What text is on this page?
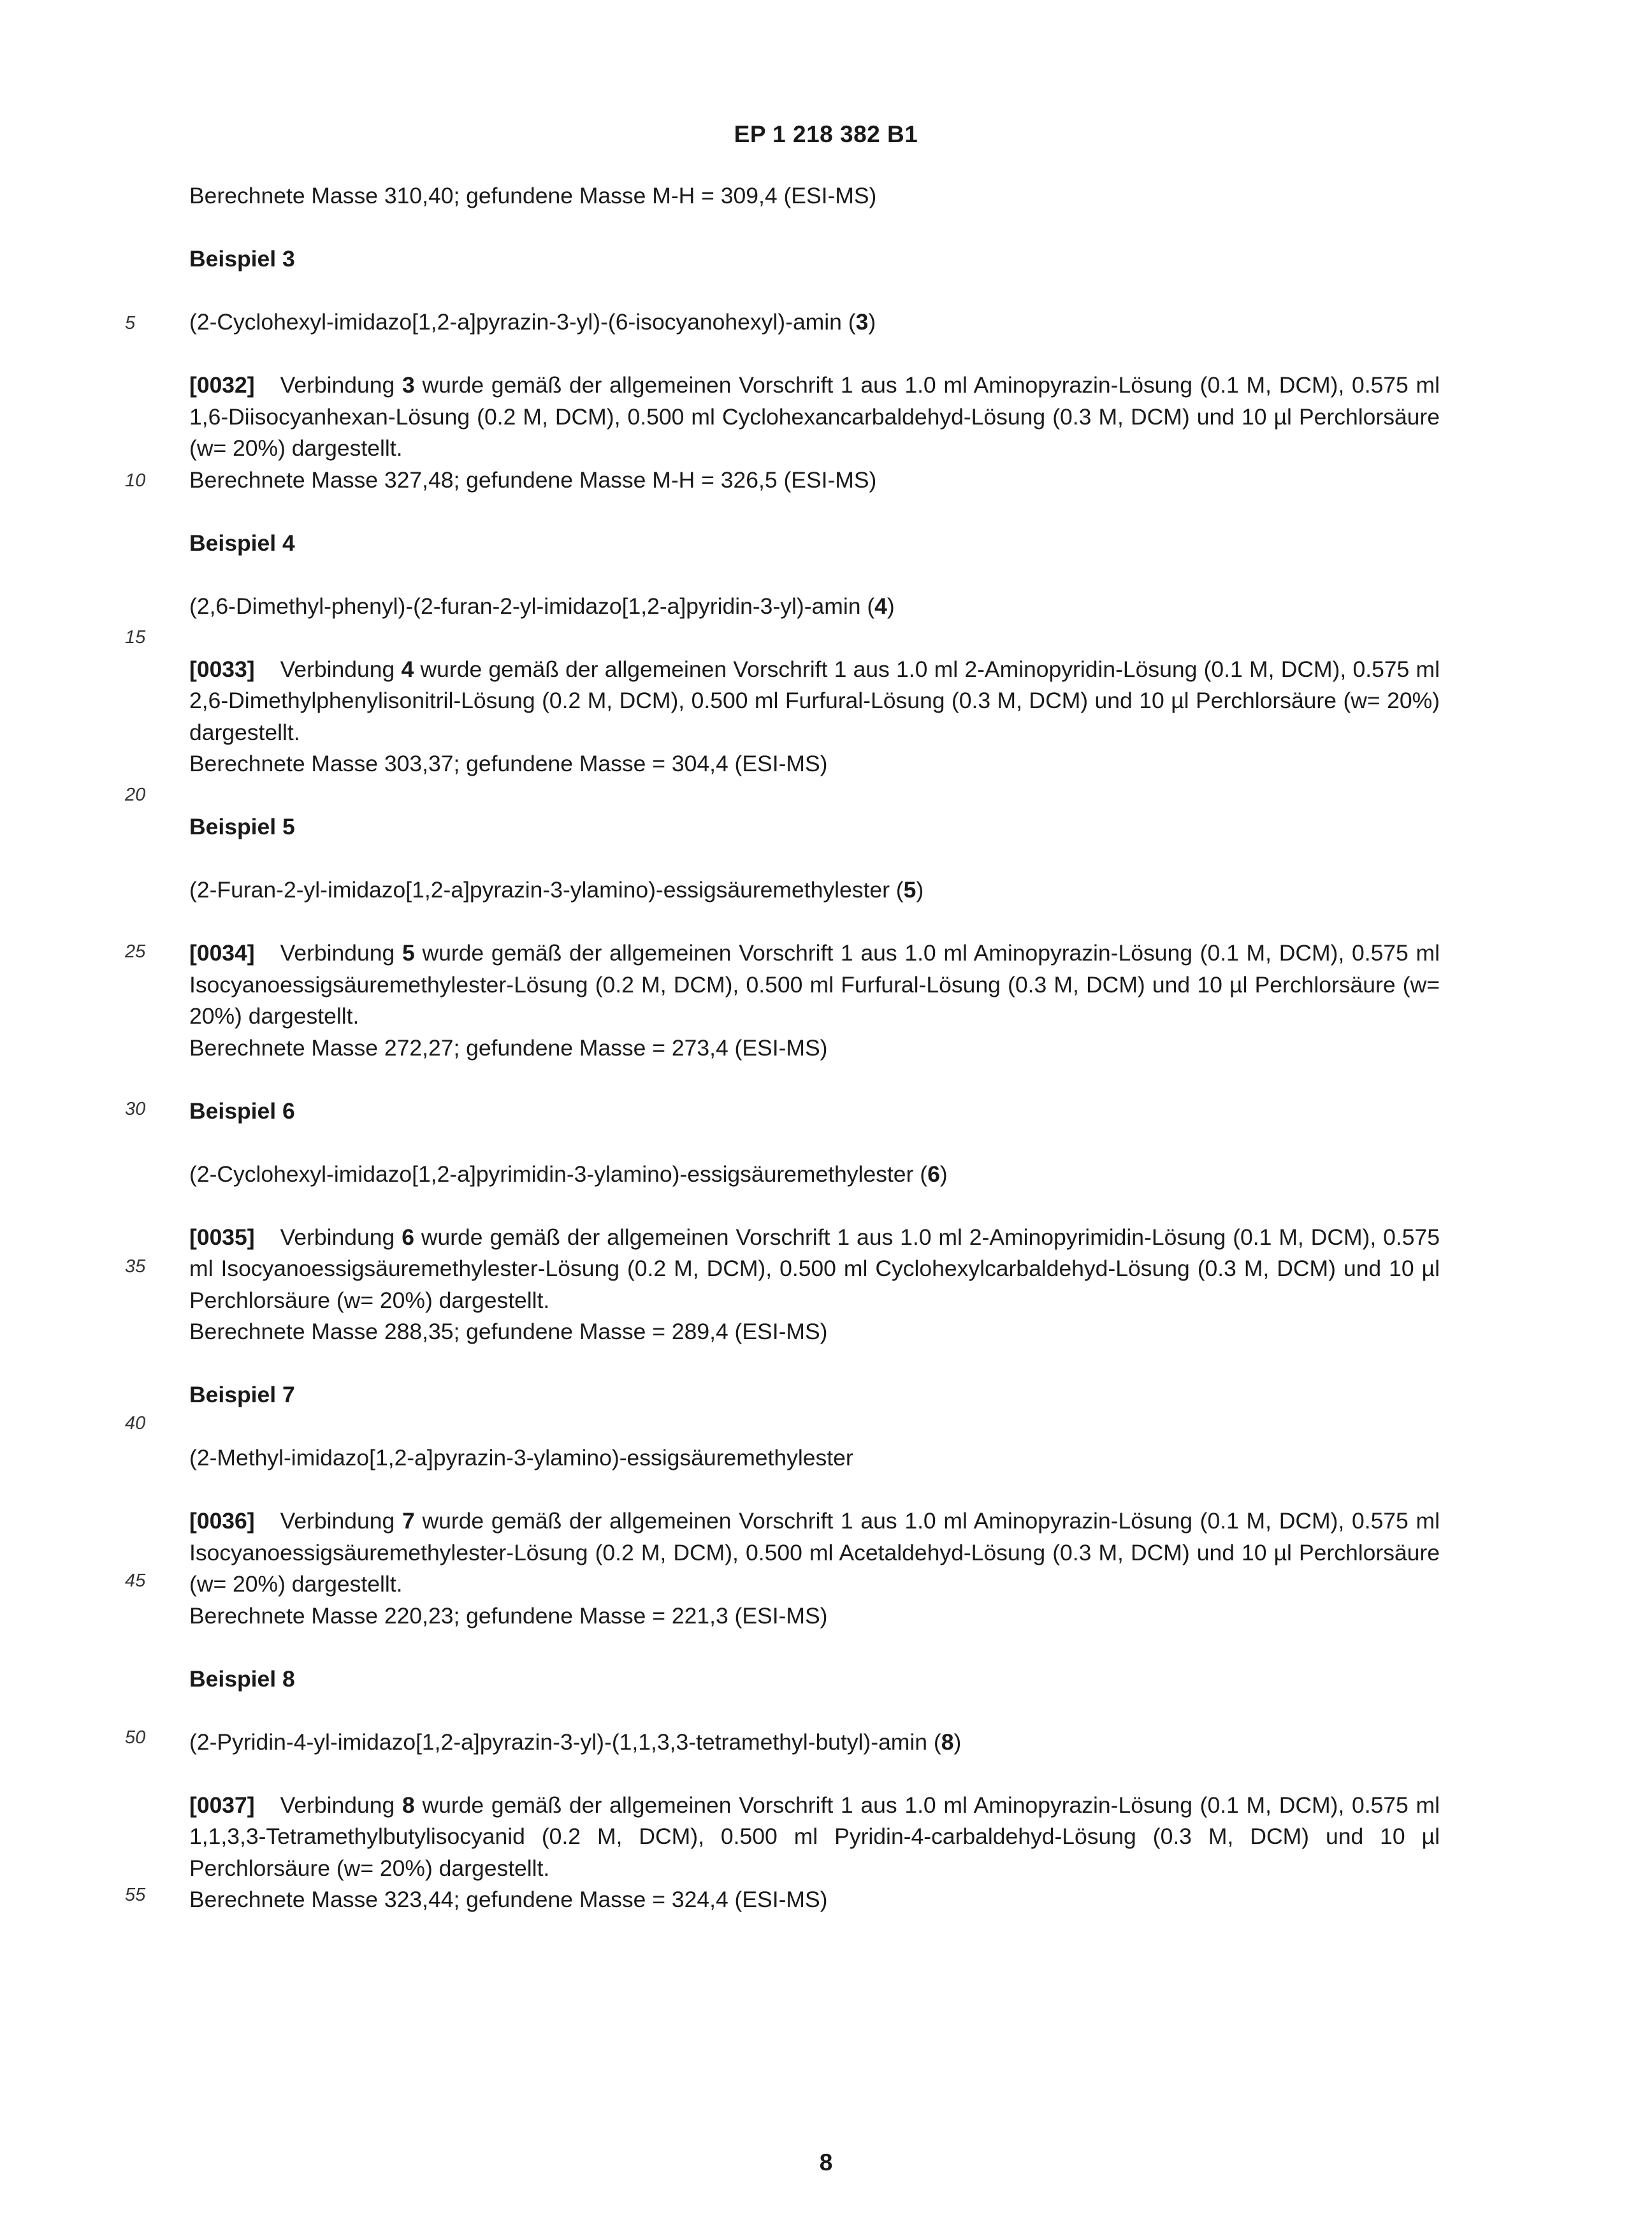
EP 1 218 382 B1
5
10
15
20
25
30
35
40
45
50
55

Berechnete Masse 310,40; gefundene Masse M-H = 309,4 (ESI-MS)

Beispiel 3

(2-Cyclohexyl-imidazo[1,2-a]pyrazin-3-yl)-(6-isocyanohexyl)-amin (3)

[0032] Verbindung 3 wurde gemäß der allgemeinen Vorschrift 1 aus 1.0 ml Aminopyrazin-Lösung (0.1 M, DCM), 0.575 ml 1,6-Diisocyanhexan-Lösung (0.2 M, DCM), 0.500 ml Cyclohexancarbaldehyd-Lösung (0.3 M, DCM) und 10 µl Perchlorsäure (w= 20%) dargestellt.

Berechnete Masse 327,48; gefundene Masse M-H = 326,5 (ESI-MS)

Beispiel 4

(2,6-Dimethyl-phenyl)-(2-furan-2-yl-imidazo[1,2-a]pyridin-3-yl)-amin (4)

[0033] Verbindung 4 wurde gemäß der allgemeinen Vorschrift 1 aus 1.0 ml 2-Aminopyridin-Lösung (0.1 M, DCM), 0.575 ml 2,6-Dimethylphenylisonitril-Lösung (0.2 M, DCM), 0.500 ml Furfural-Lösung (0.3 M, DCM) und 10 µl Perchlorsäure (w= 20%) dargestellt.

Berechnete Masse 303,37; gefundene Masse = 304,4 (ESI-MS)

Beispiel 5

(2-Furan-2-yl-imidazo[1,2-a]pyrazin-3-ylamino)-essigsäuremethylester (5)

[0034] Verbindung 5 wurde gemäß der allgemeinen Vorschrift 1 aus 1.0 ml Aminopyrazin-Lösung (0.1 M, DCM), 0.575 ml Isocyanoessigsäuremethylester-Lösung (0.2 M, DCM), 0.500 ml Furfural-Lösung (0.3 M, DCM) und 10 µl Perchlorsäure (w= 20%) dargestellt.

Berechnete Masse 272,27; gefundene Masse = 273,4 (ESI-MS)

Beispiel 6

(2-Cyclohexyl-imidazo[1,2-a]pyrimidin-3-ylamino)-essigsäuremethylester (6)

[0035] Verbindung 6 wurde gemäß der allgemeinen Vorschrift 1 aus 1.0 ml 2-Aminopyrimidin-Lösung (0.1 M, DCM), 0.575 ml Isocyanoessigsäuremethylester-Lösung (0.2 M, DCM), 0.500 ml Cyclohexylcarbaldehyd-Lösung (0.3 M, DCM) und 10 µl Perchlorsäure (w= 20%) dargestellt.

Berechnete Masse 288,35; gefundene Masse = 289,4 (ESI-MS)

Beispiel 7

(2-Methyl-imidazo[1,2-a]pyrazin-3-ylamino)-essigsäuremethylester

[0036] Verbindung 7 wurde gemäß der allgemeinen Vorschrift 1 aus 1.0 ml Aminopyrazin-Lösung (0.1 M, DCM), 0.575 ml Isocyanoessigsäuremethylester-Lösung (0.2 M, DCM), 0.500 ml Acetaldehyd-Lösung (0.3 M, DCM) und 10 µl Perchlorsäure (w= 20%) dargestellt.

Berechnete Masse 220,23; gefundene Masse = 221,3 (ESI-MS)

Beispiel 8

(2-Pyridin-4-yl-imidazo[1,2-a]pyrazin-3-yl)-(1,1,3,3-tetramethyl-butyl)-amin (8)

[0037] Verbindung 8 wurde gemäß der allgemeinen Vorschrift 1 aus 1.0 ml Aminopyrazin-Lösung (0.1 M, DCM), 0.575 ml 1,1,3,3-Tetramethylbutylisocyanid (0.2 M, DCM), 0.500 ml Pyridin-4-carbaldehyd-Lösung (0.3 M, DCM) und 10 µl Perchlorsäure (w= 20%) dargestellt.

Berechnete Masse 323,44; gefundene Masse = 324,4 (ESI-MS)

8
